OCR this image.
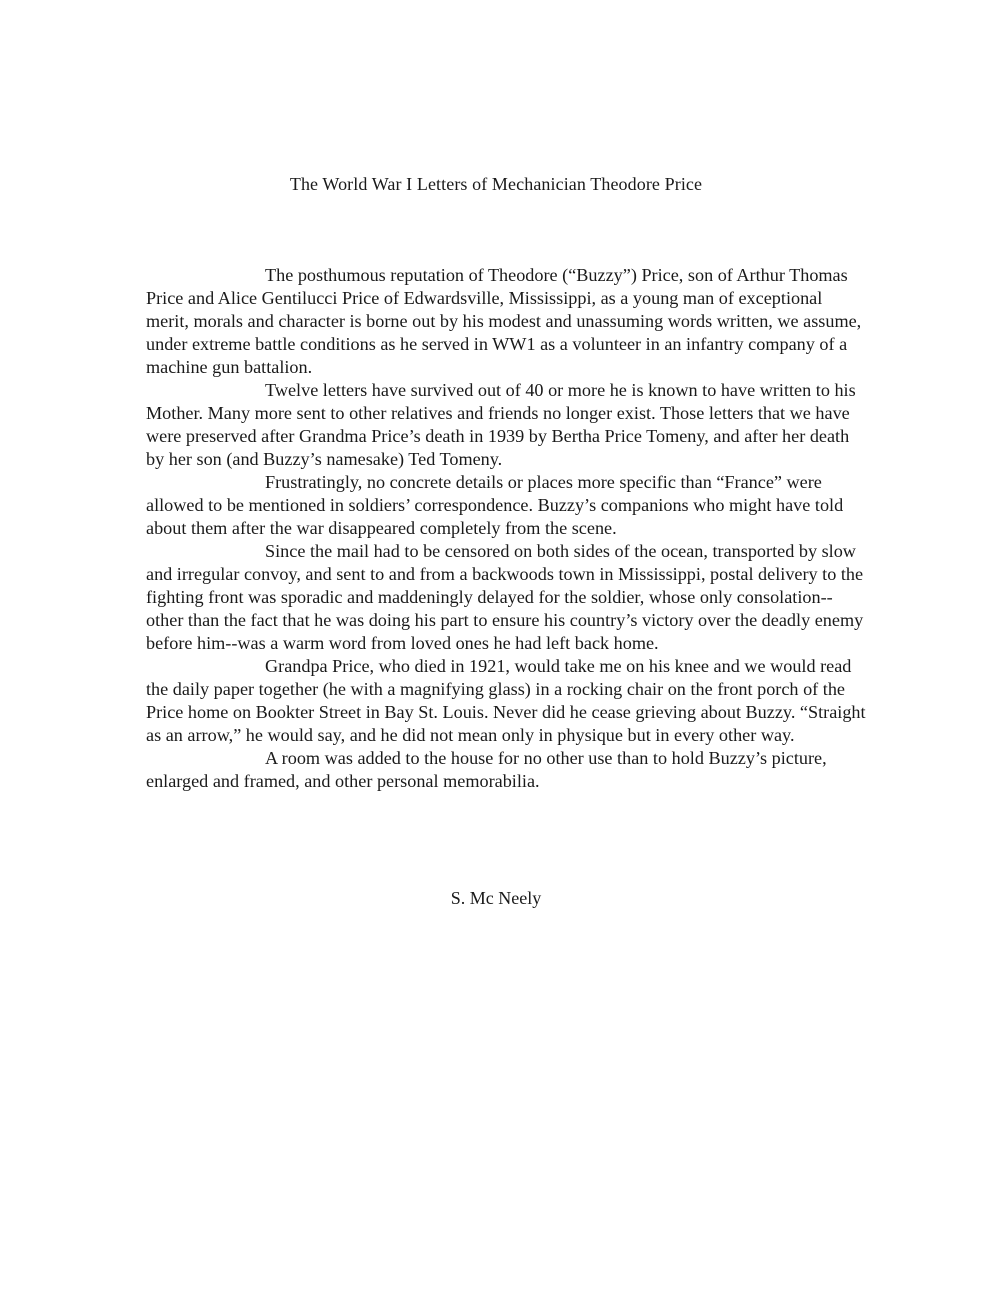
The World War I Letters of Mechanician Theodore Price

The posthumous reputation of Theodore (“Buzzy”) Price, son of Arthur Thomas Price and Alice Gentilucci Price of Edwardsville, Mississippi, as a young man of exceptional merit, morals and character is borne out by his modest and unassuming words written, we assume, under extreme battle conditions as he served in WW1 as a volunteer in an infantry company of a machine gun battalion.

Twelve letters have survived out of 40 or more he is known to have written to his Mother. Many more sent to other relatives and friends no longer exist. Those letters that we have were preserved after Grandma Price’s death in 1939 by Bertha Price Tomeny, and after her death by her son (and Buzzy’s namesake) Ted Tomeny.

Frustratingly, no concrete details or places more specific than “France” were allowed to be mentioned in soldiers’ correspondence. Buzzy’s companions who might have told about them after the war disappeared completely from the scene.

Since the mail had to be censored on both sides of the ocean, transported by slow and irregular convoy, and sent to and from a backwoods town in Mississippi, postal delivery to the fighting front was sporadic and maddeningly delayed for the soldier, whose only consolation-- other than the fact that he was doing his part to ensure his country’s victory over the deadly enemy before him--was a warm word from loved ones he had left back home.

Grandpa Price, who died in 1921, would take me on his knee and we would read the daily paper together (he with a magnifying glass) in a rocking chair on the front porch of the Price home on Bookter Street in Bay St. Louis. Never did he cease grieving about Buzzy. “Straight as an arrow,” he would say, and he did not mean only in physique but in every other way.

A room was added to the house for no other use than to hold Buzzy’s picture, enlarged and framed, and other personal memorabilia.

S. Mc Neely
